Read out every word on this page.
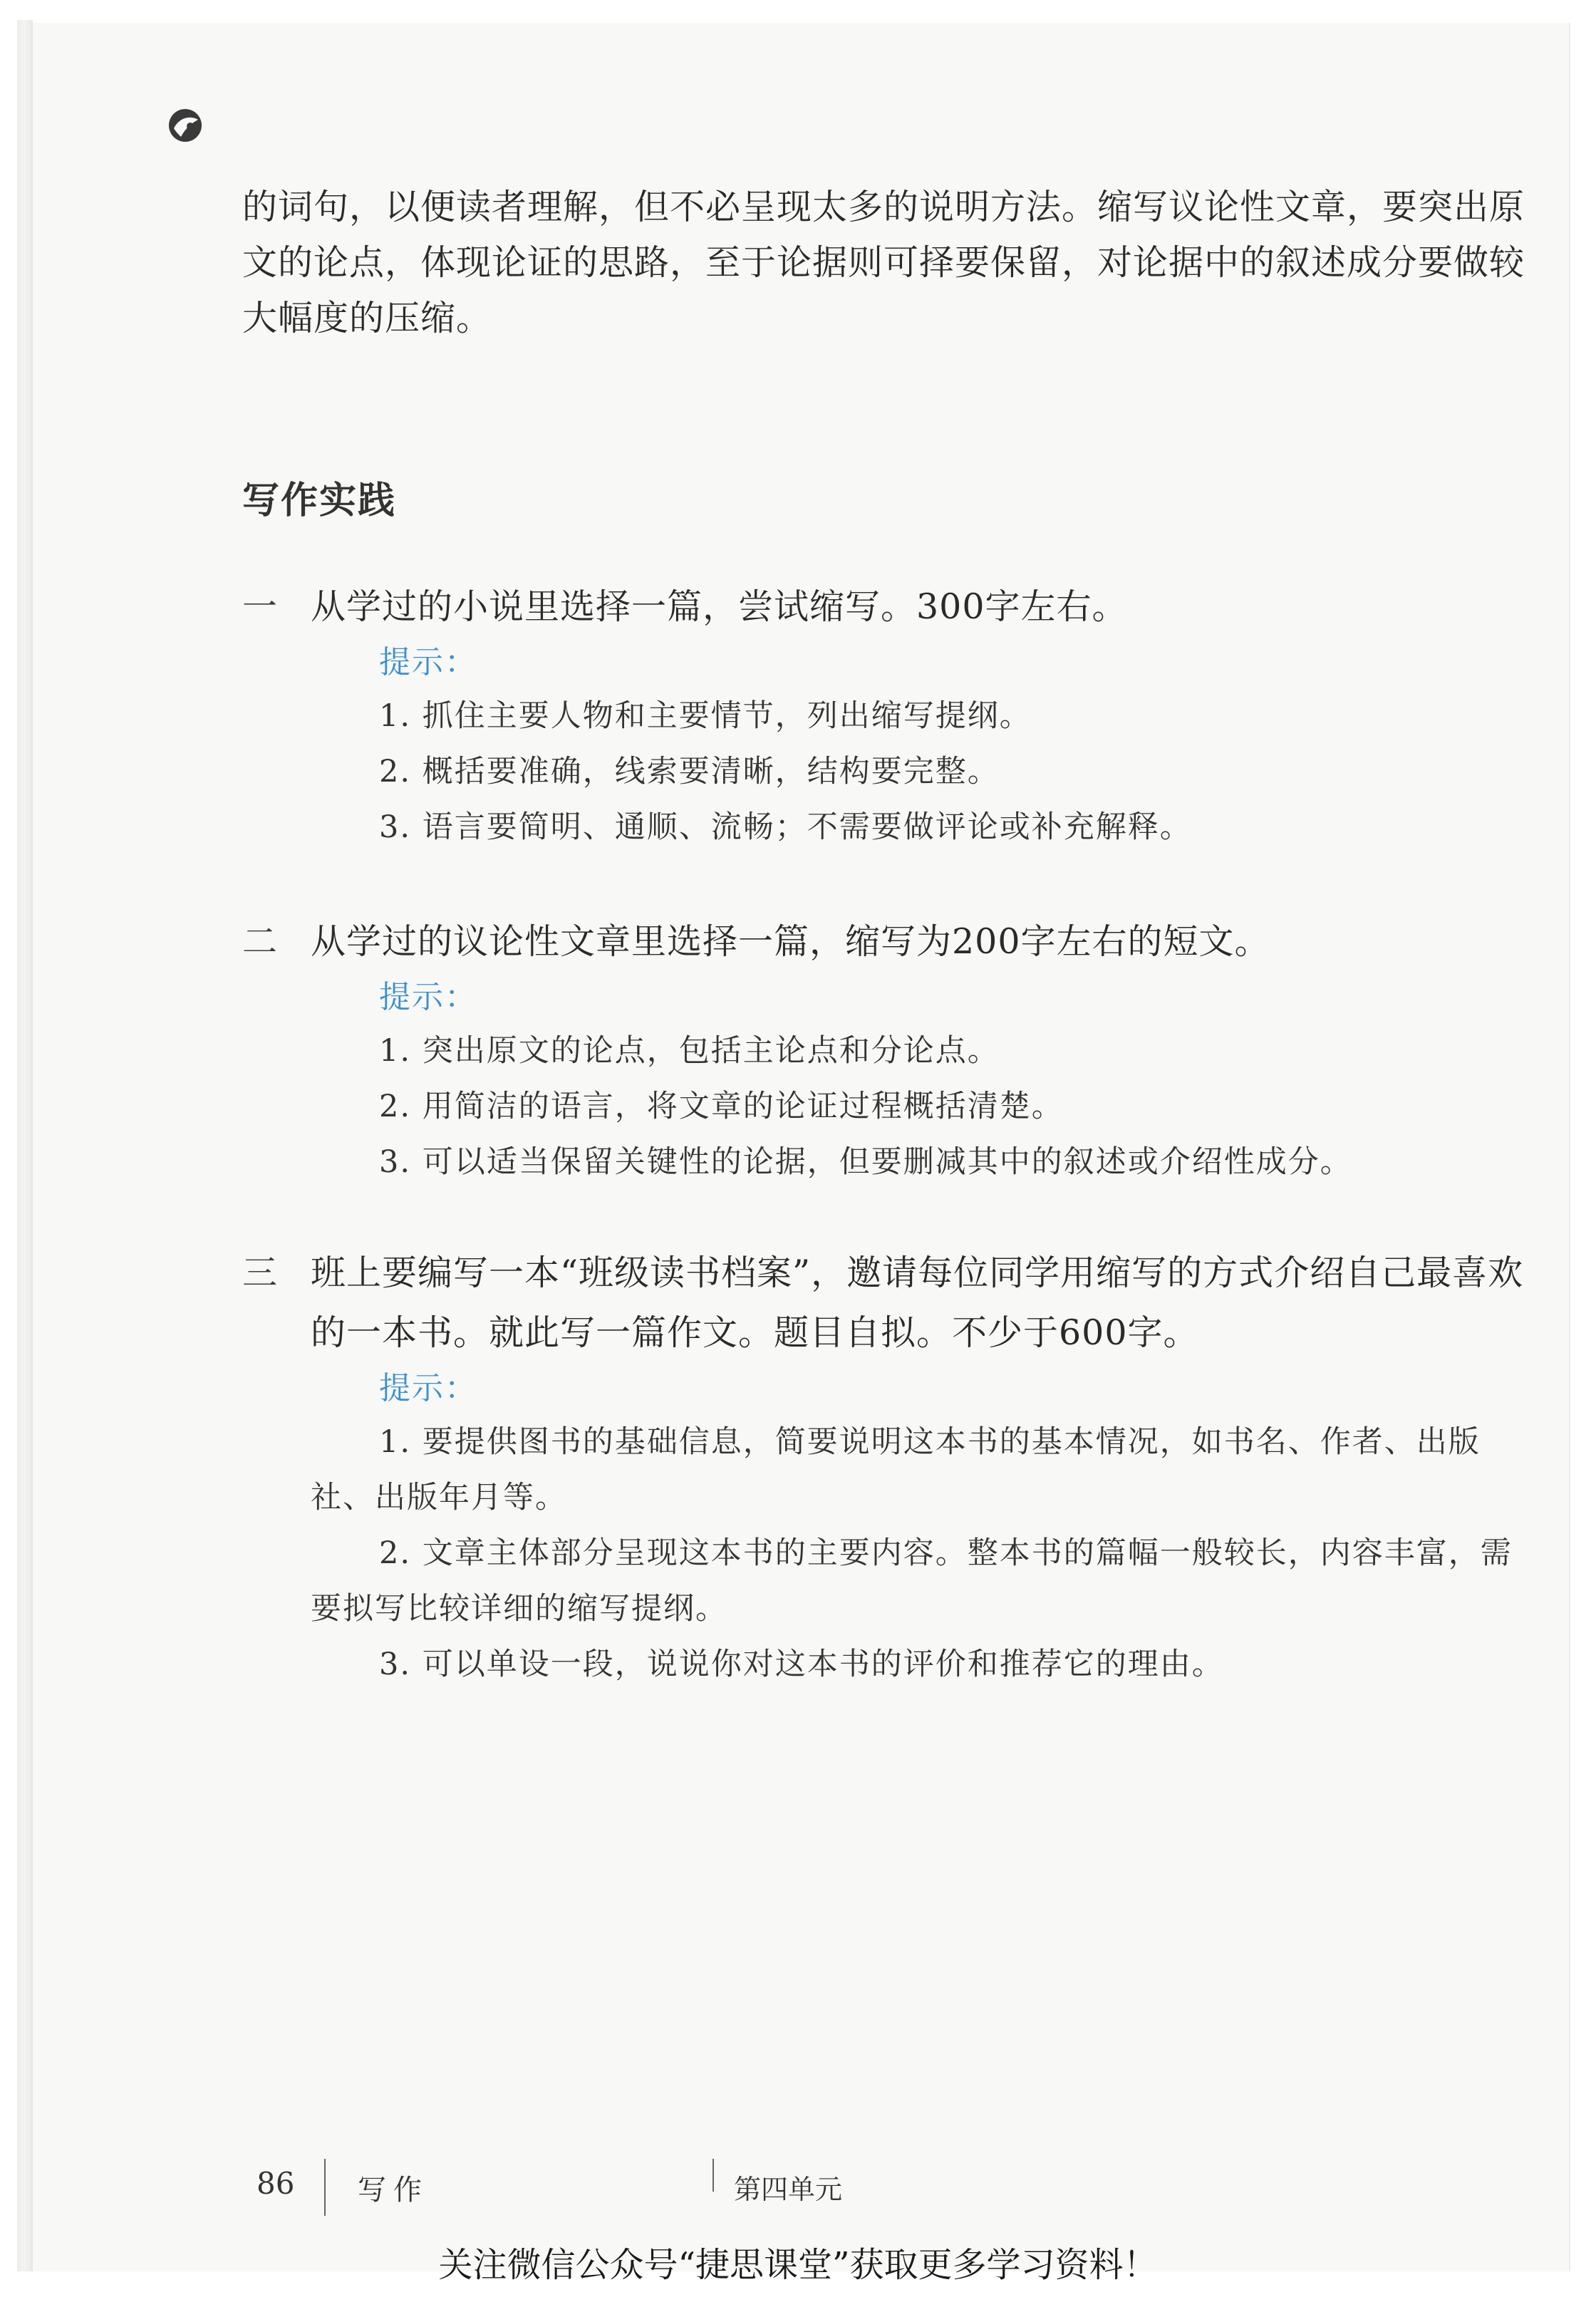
的词句，以便读者理解，但不必呈现太多的说明方法。缩写议论性文章，要突出原
文的论点，体现论证的思路，至于论据则可择要保留，对论据中的叙述成分要做较
大幅度的压缩。
写作实践
一 从学过的小说里选择一篇，尝试缩写。300字左右。
提示：
1. 抓住主要人物和主要情节，列出缩写提纲。
2. 概括要准确，线索要清晰，结构要完整。
3. 语言要简明、通顺、流畅；不需要做评论或补充解释。
二 从学过的议论性文章里选择一篇，缩写为200字左右的短文。
提示：
1. 突出原文的论点，包括主论点和分论点。
2. 用简洁的语言，将文章的论证过程概括清楚。
3. 可以适当保留关键性的论据，但要删减其中的叙述或介绍性成分。
三 班上要编写一本“班级读书档案”，邀请每位同学用缩写的方式介绍自己最喜欢
的一本书。就此写一篇作文。题目自拟。不少于600字。
提示：
1. 要提供图书的基础信息，简要说明这本书的基本情况，如书名、作者、出版社、出版年月等。
2. 文章主体部分呈现这本书的主要内容。整本书的篇幅一般较长，内容丰富，需要拟写比较详细的缩写提纲。
3. 可以单设一段，说说你对这本书的评价和推荐它的理由。
86 写作	第四单元
关注微信公众号“捷思课堂”获取更多学习资料！
